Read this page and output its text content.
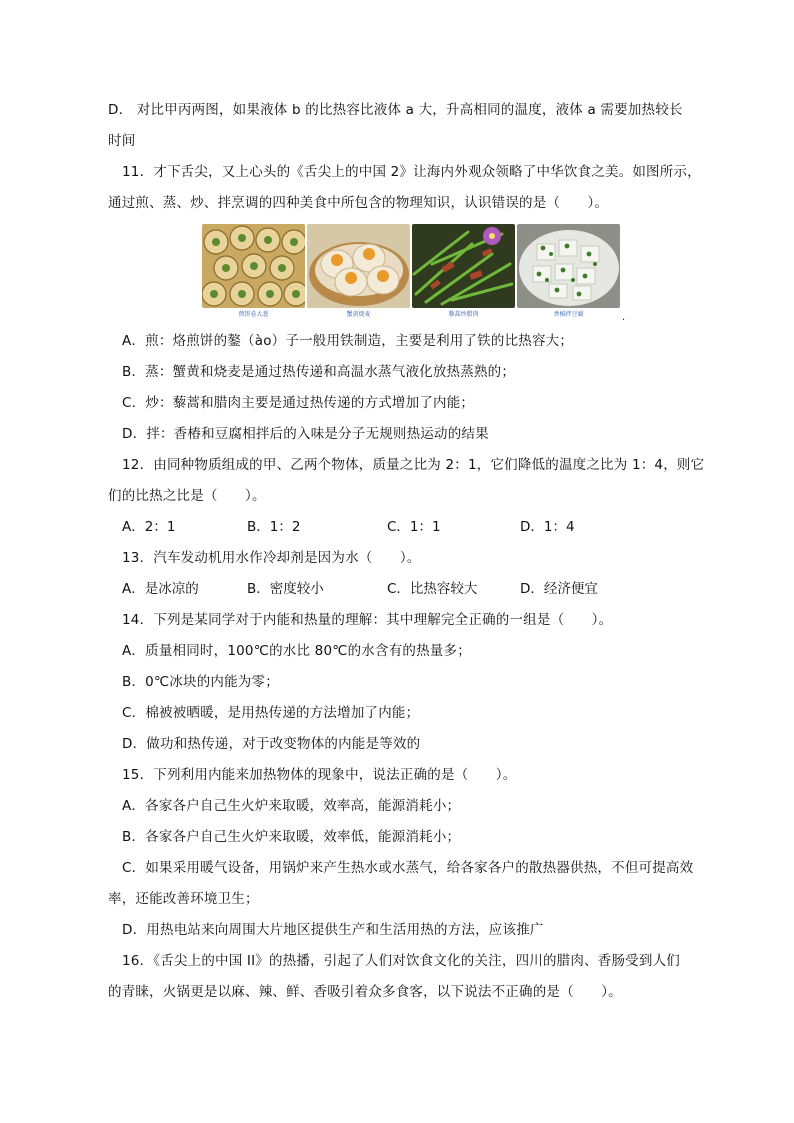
D.　对比甲丙两图，如果液体 b 的比热容比液体 a 大，升高相同的温度，液体 a 需要加热较长
时间
11．才下舌尖，又上心头的《舌尖上的中国 2》让海内外观众领略了中华饮食之美。如图所示，
通过煎、蒸、炒、拌烹调的四种美食中所包含的物理知识，认识错误的是（　　）。
煎饼卷大葱	蟹黄烧麦	藜蒿炒腊肉	香椿拌豆腐	.
A．煎：烙煎饼的鏊（ào）子一般用铁制造，主要是利用了铁的比热容大；
B．蒸：蟹黄和烧麦是通过热传递和高温水蒸气液化放热蒸熟的；
C．炒：藜蒿和腊肉主要是通过热传递的方式增加了内能；
D．拌：香椿和豆腐相拌后的入味是分子无规则热运动的结果
12．由同种物质组成的甲、乙两个物体，质量之比为 2：1，它们降低的温度之比为 1：4，则它
们的比热之比是（　　）。
A．2：1	B．1：2	C．1：1	D．1：4
13．汽车发动机用水作冷却剂是因为水（　　）。
A．是冰凉的	B．密度较小	C．比热容较大	D．经济便宜
14．下列是某同学对于内能和热量的理解：其中理解完全正确的一组是（　　）。
A．质量相同时，100℃的水比 80℃的水含有的热量多；
B．0℃冰块的内能为零；
C．棉被被晒暖，是用热传递的方法增加了内能；
D．做功和热传递，对于改变物体的内能是等效的
15．下列利用内能来加热物体的现象中，说法正确的是（　　）。
A．各家各户自己生火炉来取暖，效率高，能源消耗小；
B．各家各户自己生火炉来取暖，效率低，能源消耗小；
C．如果采用暖气设备，用锅炉来产生热水或水蒸气，给各家各户的散热器供热，不但可提高效
率，还能改善环境卫生；
D．用热电站来向周围大片地区提供生产和生活用热的方法，应该推广
16．《舌尖上的中国 II》的热播，引起了人们对饮食文化的关注，四川的腊肉、香肠受到人们
的青睐，火锅更是以麻、辣、鲜、香吸引着众多食客，以下说法不正确的是（　　）。
